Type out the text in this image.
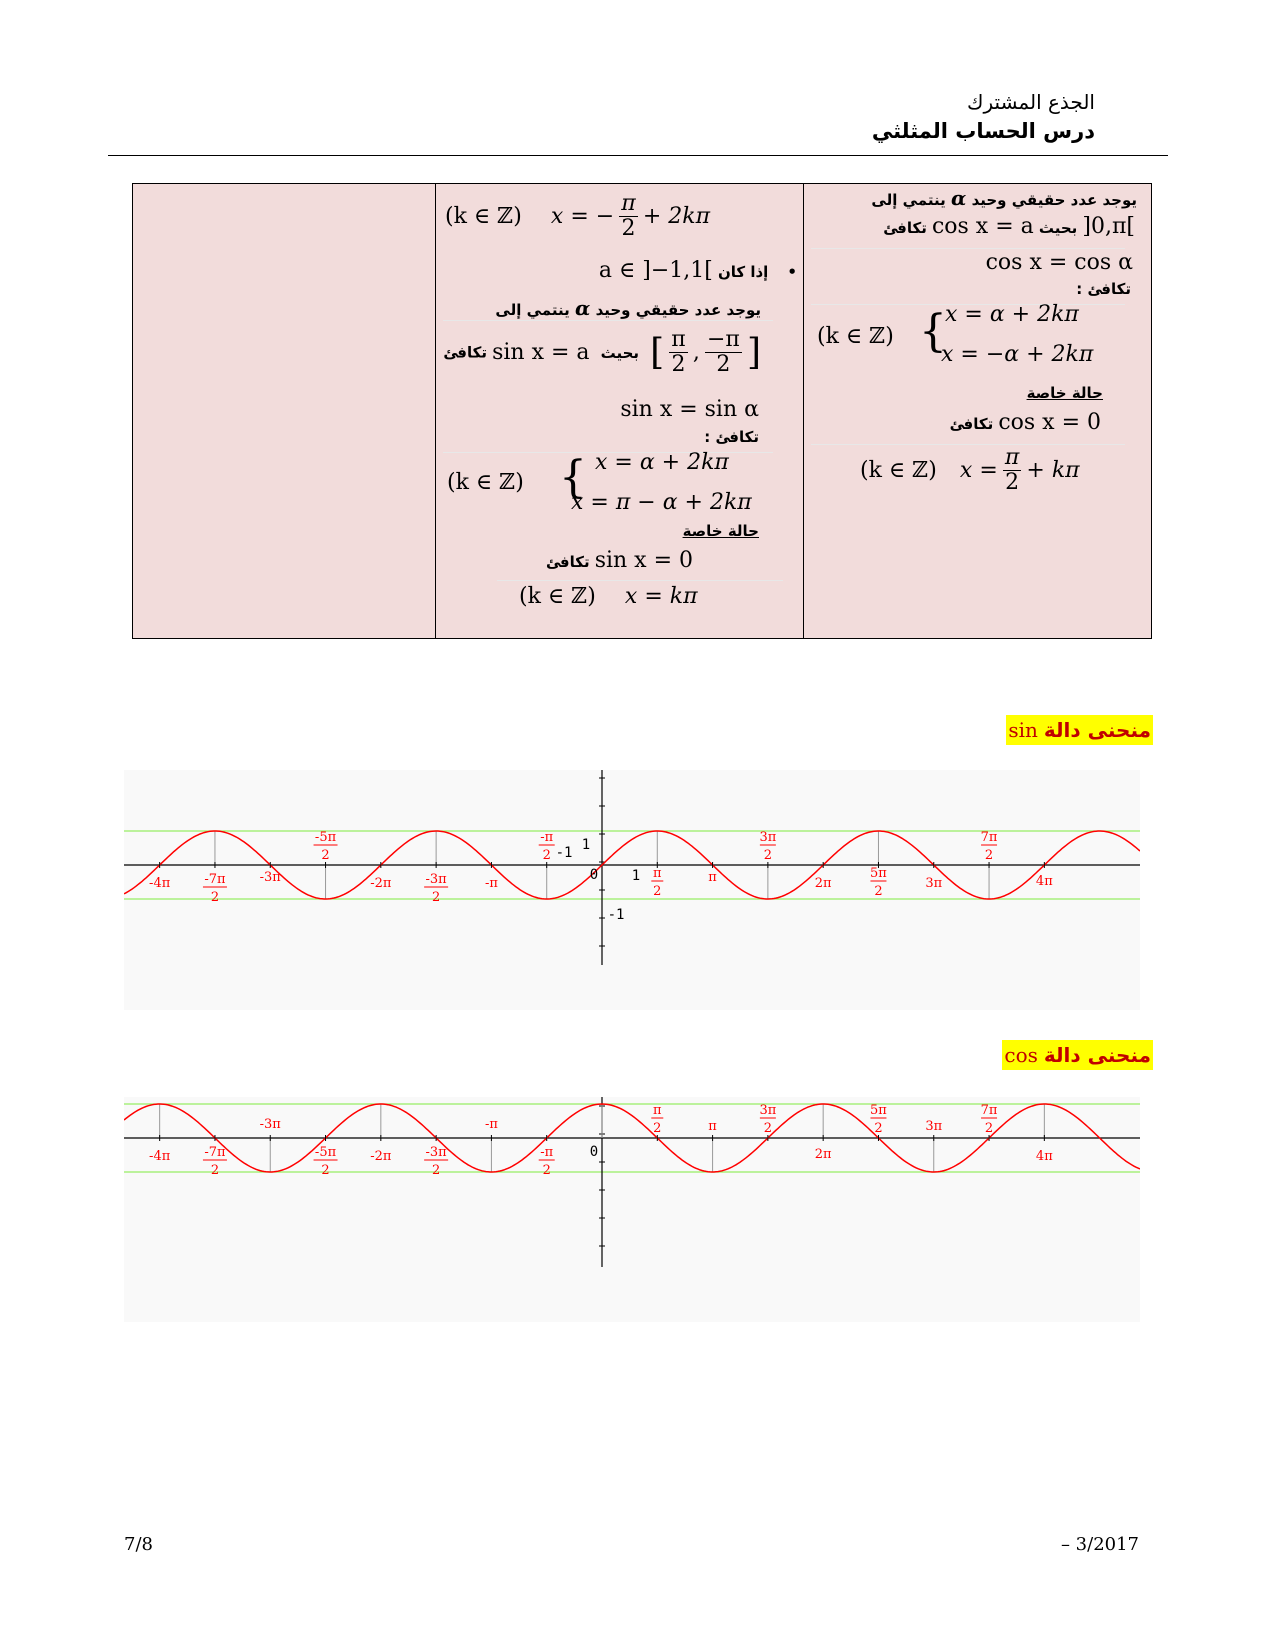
الجذع المشترك
درس الحساب المثلثي
يوجد عدد حقيقي وحيد α ينتمي إلى
]0,π[ بحيث cos x = a تكافئ
cos x = cos α
تكافئ :
(k ∈ ℤ) {
x = α + 2kπ
x = −α + 2kπ
حالة خاصة
cos x = 0 تكافئ
(k ∈ ℤ) $x = \frac{\pi}{2} + k\pi$
(k ∈ ℤ) x = − $\frac{\pi}{2} + 2k\pi$
• إذا كان a ∈ ]−1,1[
يوجد عدد حقيقي وحيد α ينتمي إلى
]
$\frac{-\pi}{2}$
,
$\frac{\pi}{2}$
[ بحيث sin x = a تكافئ
sin x = sin α
تكافئ :
(k ∈ ℤ) { x = α + 2kπ
x = π − α + 2kπ
حالة خاصة
sin x = 0 تكافئ
(k ∈ ℤ) x = kπ
منحنى دالةsin
-4π	-7π
2
-3π
-5π
2
-2π	-3π
2
-π
-π
2
π
2
π
3π
2
2π
5π
2
3π
7π
2
4π
1
-1
1
-1
0
منحنى دالةcos
-4π	-7π
2
-3π
-5π
2
-2π	-3π
2
-π
-π
2
π
2	π
3π
2
2π
5π
2	3π
7π
2
4π
0
7/8	– 3/2017
